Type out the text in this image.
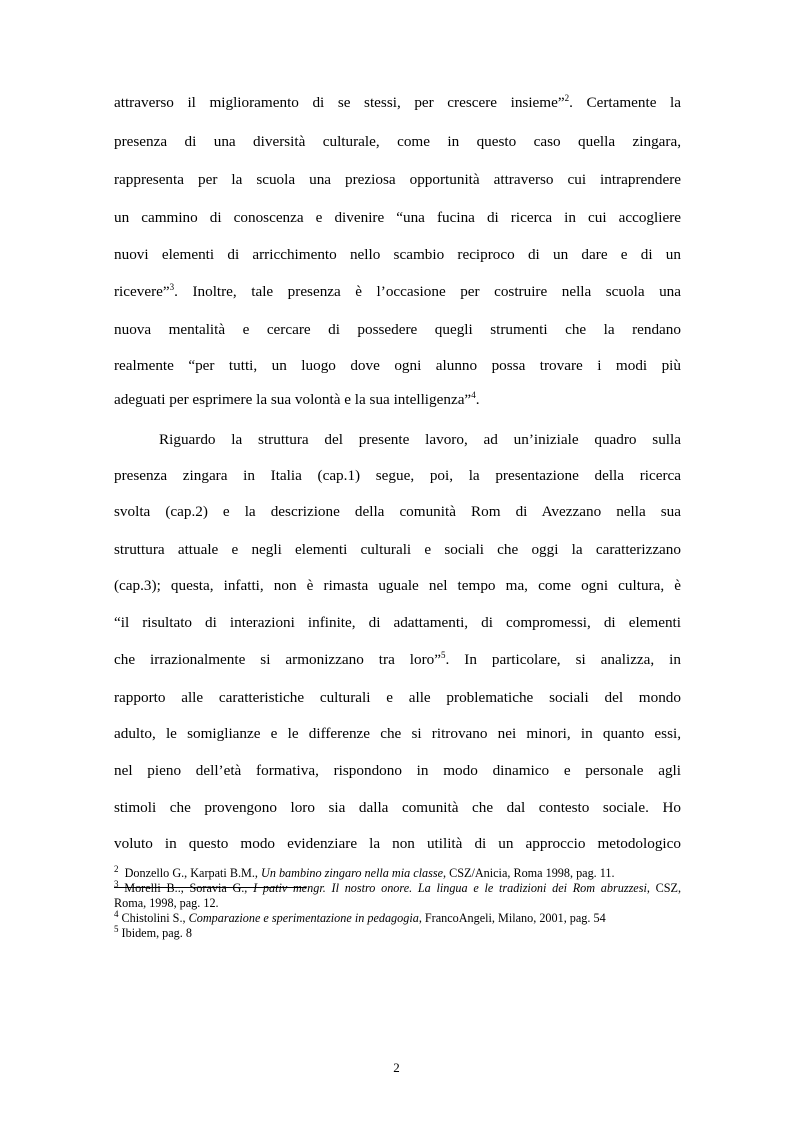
attraverso il miglioramento di se stessi, per crescere insieme”$^2$. Certamente la
presenza di una diversità culturale, come in questo caso quella zingara,
rappresenta per la scuola una preziosa opportunità attraverso cui intraprendere
un cammino di conoscenza e divenire “una fucina di ricerca in cui accogliere
nuovi elementi di arricchimento nello scambio reciproco di un dare e di un
ricevere”$^3$. Inoltre, tale presenza è l’occasione per costruire nella scuola una
nuova mentalità e cercare di possedere quegli strumenti che la rendano
realmente “per tutti, un luogo dove ogni alunno possa trovare i modi più
adeguati per esprimere la sua volontà e la sua intelligenza”$^4$.
Riguardo la struttura del presente lavoro, ad un’iniziale quadro sulla
presenza zingara in Italia (cap.1) segue, poi, la presentazione della ricerca
svolta (cap.2) e la descrizione della comunità Rom di Avezzano nella sua
struttura attuale e negli elementi culturali e sociali che oggi la caratterizzano
(cap.3); questa, infatti, non è rimasta uguale nel tempo ma, come ogni cultura, è
“il risultato di interazioni infinite, di adattamenti, di compromessi, di elementi
che irrazionalmente si armonizzano tra loro”$^5$. In particolare, si analizza, in
rapporto alle caratteristiche culturali e alle problematiche sociali del mondo
adulto, le somiglianze e le differenze che si ritrovano nei minori, in quanto essi,
nel pieno dell’età formativa, rispondono in modo dinamico e personale agli
stimoli che provengono loro sia dalla comunità che dal contesto sociale. Ho
voluto in questo modo evidenziare la non utilità di un approccio metodologico
$^2$ Donzello G., Karpati B.M., Un bambino zingaro nella mia classe, CSZ/Anicia, Roma 1998, pag. 11.
$^3$ Morelli B.., Soravia G., I pativ mengr. Il nostro onore. La lingua e le tradizioni dei Rom abruzzesi, CSZ,
Roma, 1998, pag. 12.
$^4$ Chistolini S., Comparazione e sperimentazione in pedagogia, FrancoAngeli, Milano, 2001, pag. 54
$^5$ Ibidem, pag. 8
2
